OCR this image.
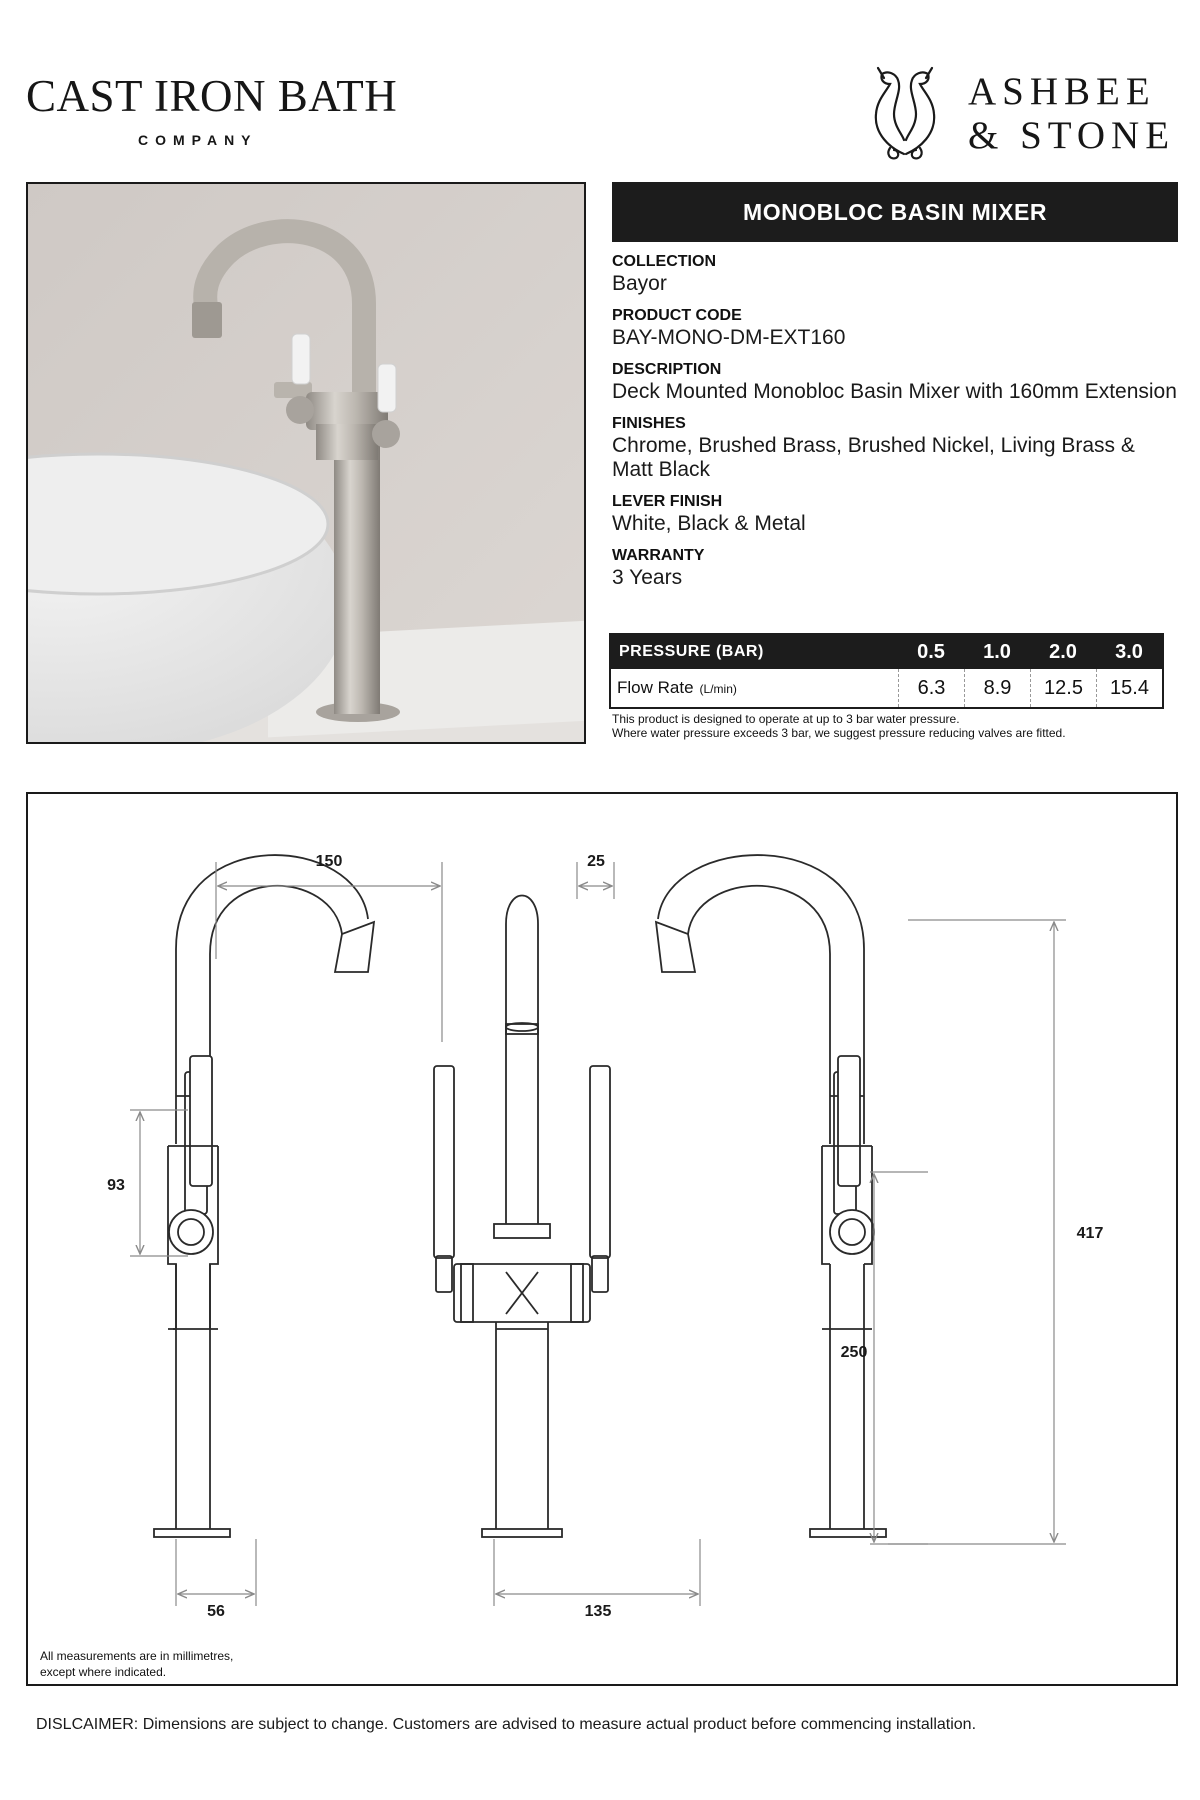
CAST IRON BATH
COMPANY
ASHBEE
& STONE
MONOBLOC BASIN MIXER
COLLECTION
Bayor
PRODUCT CODE
BAY-MONO-DM-EXT160
DESCRIPTION
Deck Mounted Monobloc Basin Mixer with 160mm Extension
FINISHES
Chrome, Brushed Brass, Brushed Nickel, Living Brass & Matt Black
LEVER FINISH
White, Black & Metal
WARRANTY
3 Years
PRESSURE (BAR)	0.5	1.0	2.0	3.0
Flow Rate (L/min)	6.3	8.9	12.5	15.4
This product is designed to operate at up to 3 bar water pressure.
Where water pressure exceeds 3 bar, we suggest pressure reducing valves are fitted.
150	25
93
56	135
250
417
All measurements are in millimetres,
except where indicated.
DISLCAIMER: Dimensions are subject to change. Customers are advised to measure actual product before commencing installation.
